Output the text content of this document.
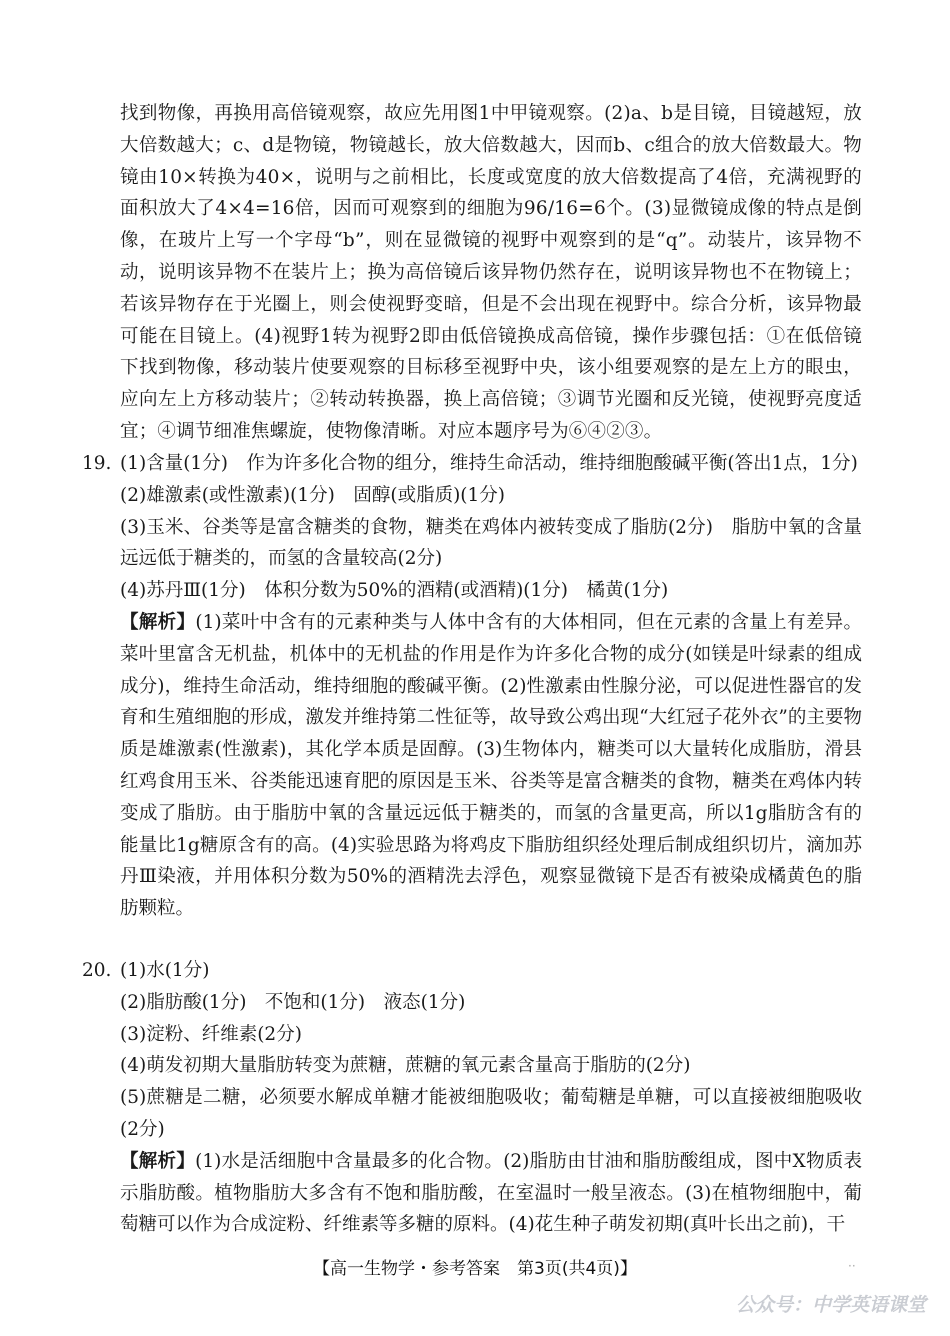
找到物像，再换用高倍镜观察，故应先用图1中甲镜观察。(2)a、b是目镜，目镜越短，放大倍数越大；c、d是物镜，物镜越长，放大倍数越大，因而b、c组合的放大倍数最大。物镜由10×转换为40×，说明与之前相比，长度或宽度的放大倍数提高了4倍，充满视野的面积放大了4×4=16倍，因而可观察到的细胞为96/16=6个。(3)显微镜成像的特点是倒像，在玻片上写一个字母“b”，则在显微镜的视野中观察到的是“q”。动装片，该异物不动，说明该异物不在装片上；换为高倍镜后该异物仍然存在，说明该异物也不在物镜上；若该异物存在于光圈上，则会使视野变暗，但是不会出现在视野中。综合分析，该异物最可能在目镜上。(4)视野1转为视野2即由低倍镜换成高倍镜，操作步骤包括：①在低倍镜下找到物像，移动装片使要观察的目标移至视野中央，该小组要观察的是左上方的眼虫，应向左上方移动装片；②转动转换器，换上高倍镜；③调节光圈和反光镜，使视野亮度适宜；④调节细准焦螺旋，使物像清晰。对应本题序号为⑥④②③。

19. (1)含量(1分)　作为许多化合物的组分，维持生命活动，维持细胞酸碱平衡(答出1点，1分)
(2)雄激素(或性激素)(1分)　固醇(或脂质)(1分)
(3)玉米、谷类等是富含糖类的食物，糖类在鸡体内被转变成了脂肪(2分)　脂肪中氧的含量远远低于糖类的，而氢的含量较高(2分)
(4)苏丹Ⅲ(1分)　体积分数为50%的酒精(或酒精)(1分)　橘黄(1分)
【解析】(1)菜叶中含有的元素种类与人体中含有的大体相同，但在元素的含量上有差异。菜叶里富含无机盐，机体中的无机盐的作用是作为许多化合物的成分(如镁是叶绿素的组成成分)，维持生命活动，维持细胞的酸碱平衡。(2)性激素由性腺分泌，可以促进性器官的发育和生殖细胞的形成，激发并维持第二性征等，故导致公鸡出现“大红冠子花外衣”的主要物质是雄激素(性激素)，其化学本质是固醇。(3)生物体内，糖类可以大量转化成脂肪，滑县红鸡食用玉米、谷类能迅速育肥的原因是玉米、谷类等是富含糖类的食物，糖类在鸡体内转变成了脂肪。由于脂肪中氧的含量远远低于糖类的，而氢的含量更高，所以1g脂肪含有的能量比1g糖原含有的高。(4)实验思路为将鸡皮下脂肪组织经处理后制成组织切片，滴加苏丹Ⅲ染液，并用体积分数为50%的酒精洗去浮色，观察显微镜下是否有被染成橘黄色的脂肪颗粒。
20. (1)水(1分)
(2)脂肪酸(1分)　不饱和(1分)　液态(1分)
(3)淀粉、纤维素(2分)
(4)萌发初期大量脂肪转变为蔗糖，蔗糖的氧元素含量高于脂肪的(2分)
(5)蔗糖是二糖，必须要水解成单糖才能被细胞吸收；葡萄糖是单糖，可以直接被细胞吸收(2分)
【解析】(1)水是活细胞中含量最多的化合物。(2)脂肪由甘油和脂肪酸组成，图中X物质表示脂肪酸。植物脂肪大多含有不饱和脂肪酸，在室温时一般呈液态。(3)在植物细胞中，葡萄糖可以作为合成淀粉、纤维素等多糖的原料。(4)花生种子萌发初期(真叶长出之前)，干
【高一生物学・参考答案　第3页(共4页)】	··
公众号：中学英语课堂
